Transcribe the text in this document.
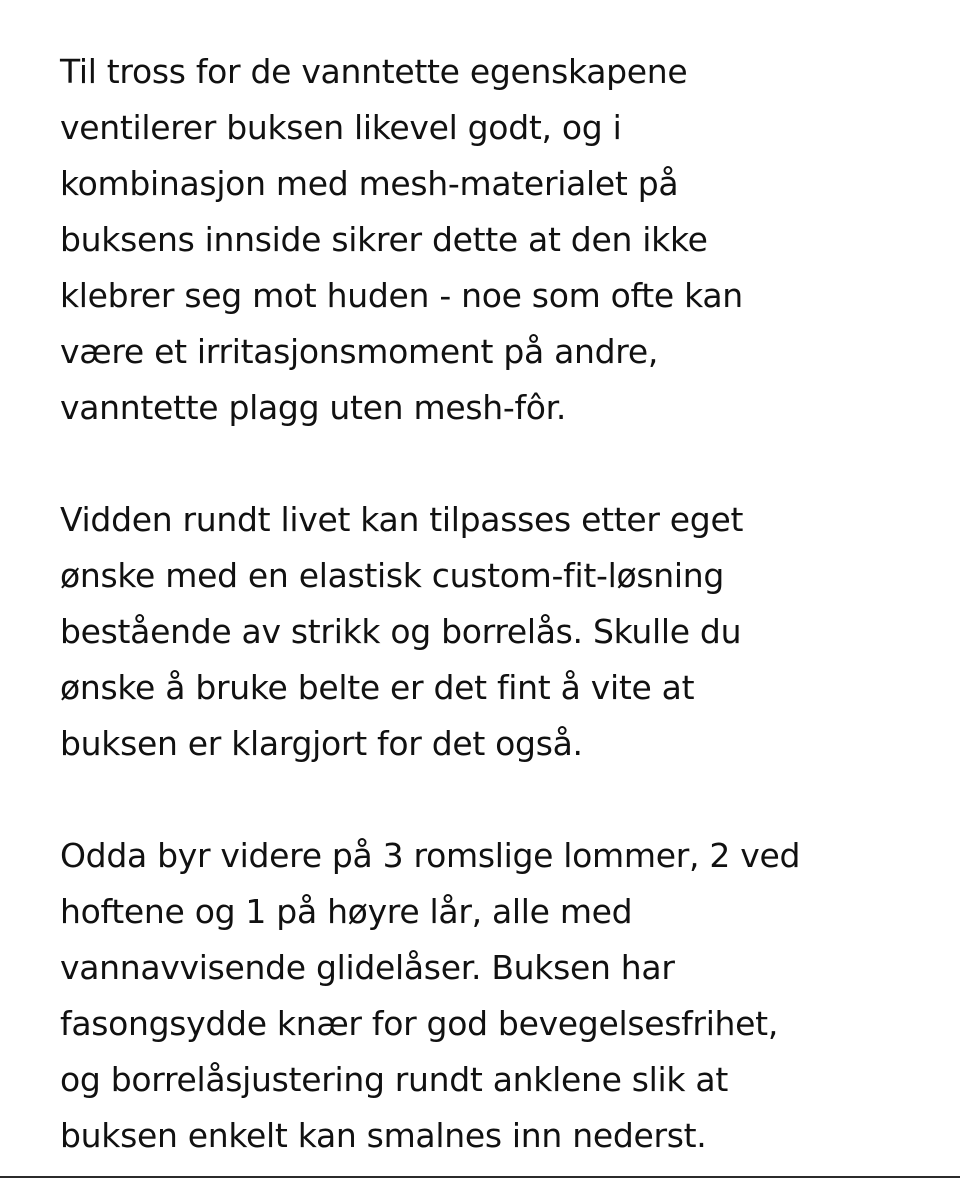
Til tross for de vanntette egenskapene
ventilerer buksen likevel godt, og i
kombinasjon med mesh-materialet på
buksens innside sikrer dette at den ikke
klebrer seg mot huden - noe som ofte kan
være et irritasjonsmoment på andre,
vanntette plagg uten mesh-fôr.
Vidden rundt livet kan tilpasses etter eget
ønske med en elastisk custom-fit-løsning
bestående av strikk og borrelås. Skulle du
ønske å bruke belte er det fint å vite at
buksen er klargjort for det også.
Odda byr videre på 3 romslige lommer, 2 ved
hoftene og 1 på høyre lår, alle med
vannavvisende glidelåser. Buksen har
fasongsydde knær for god bevegelsesfrihet,
og borrelåsjustering rundt anklene slik at
buksen enkelt kan smalnes inn nederst.
